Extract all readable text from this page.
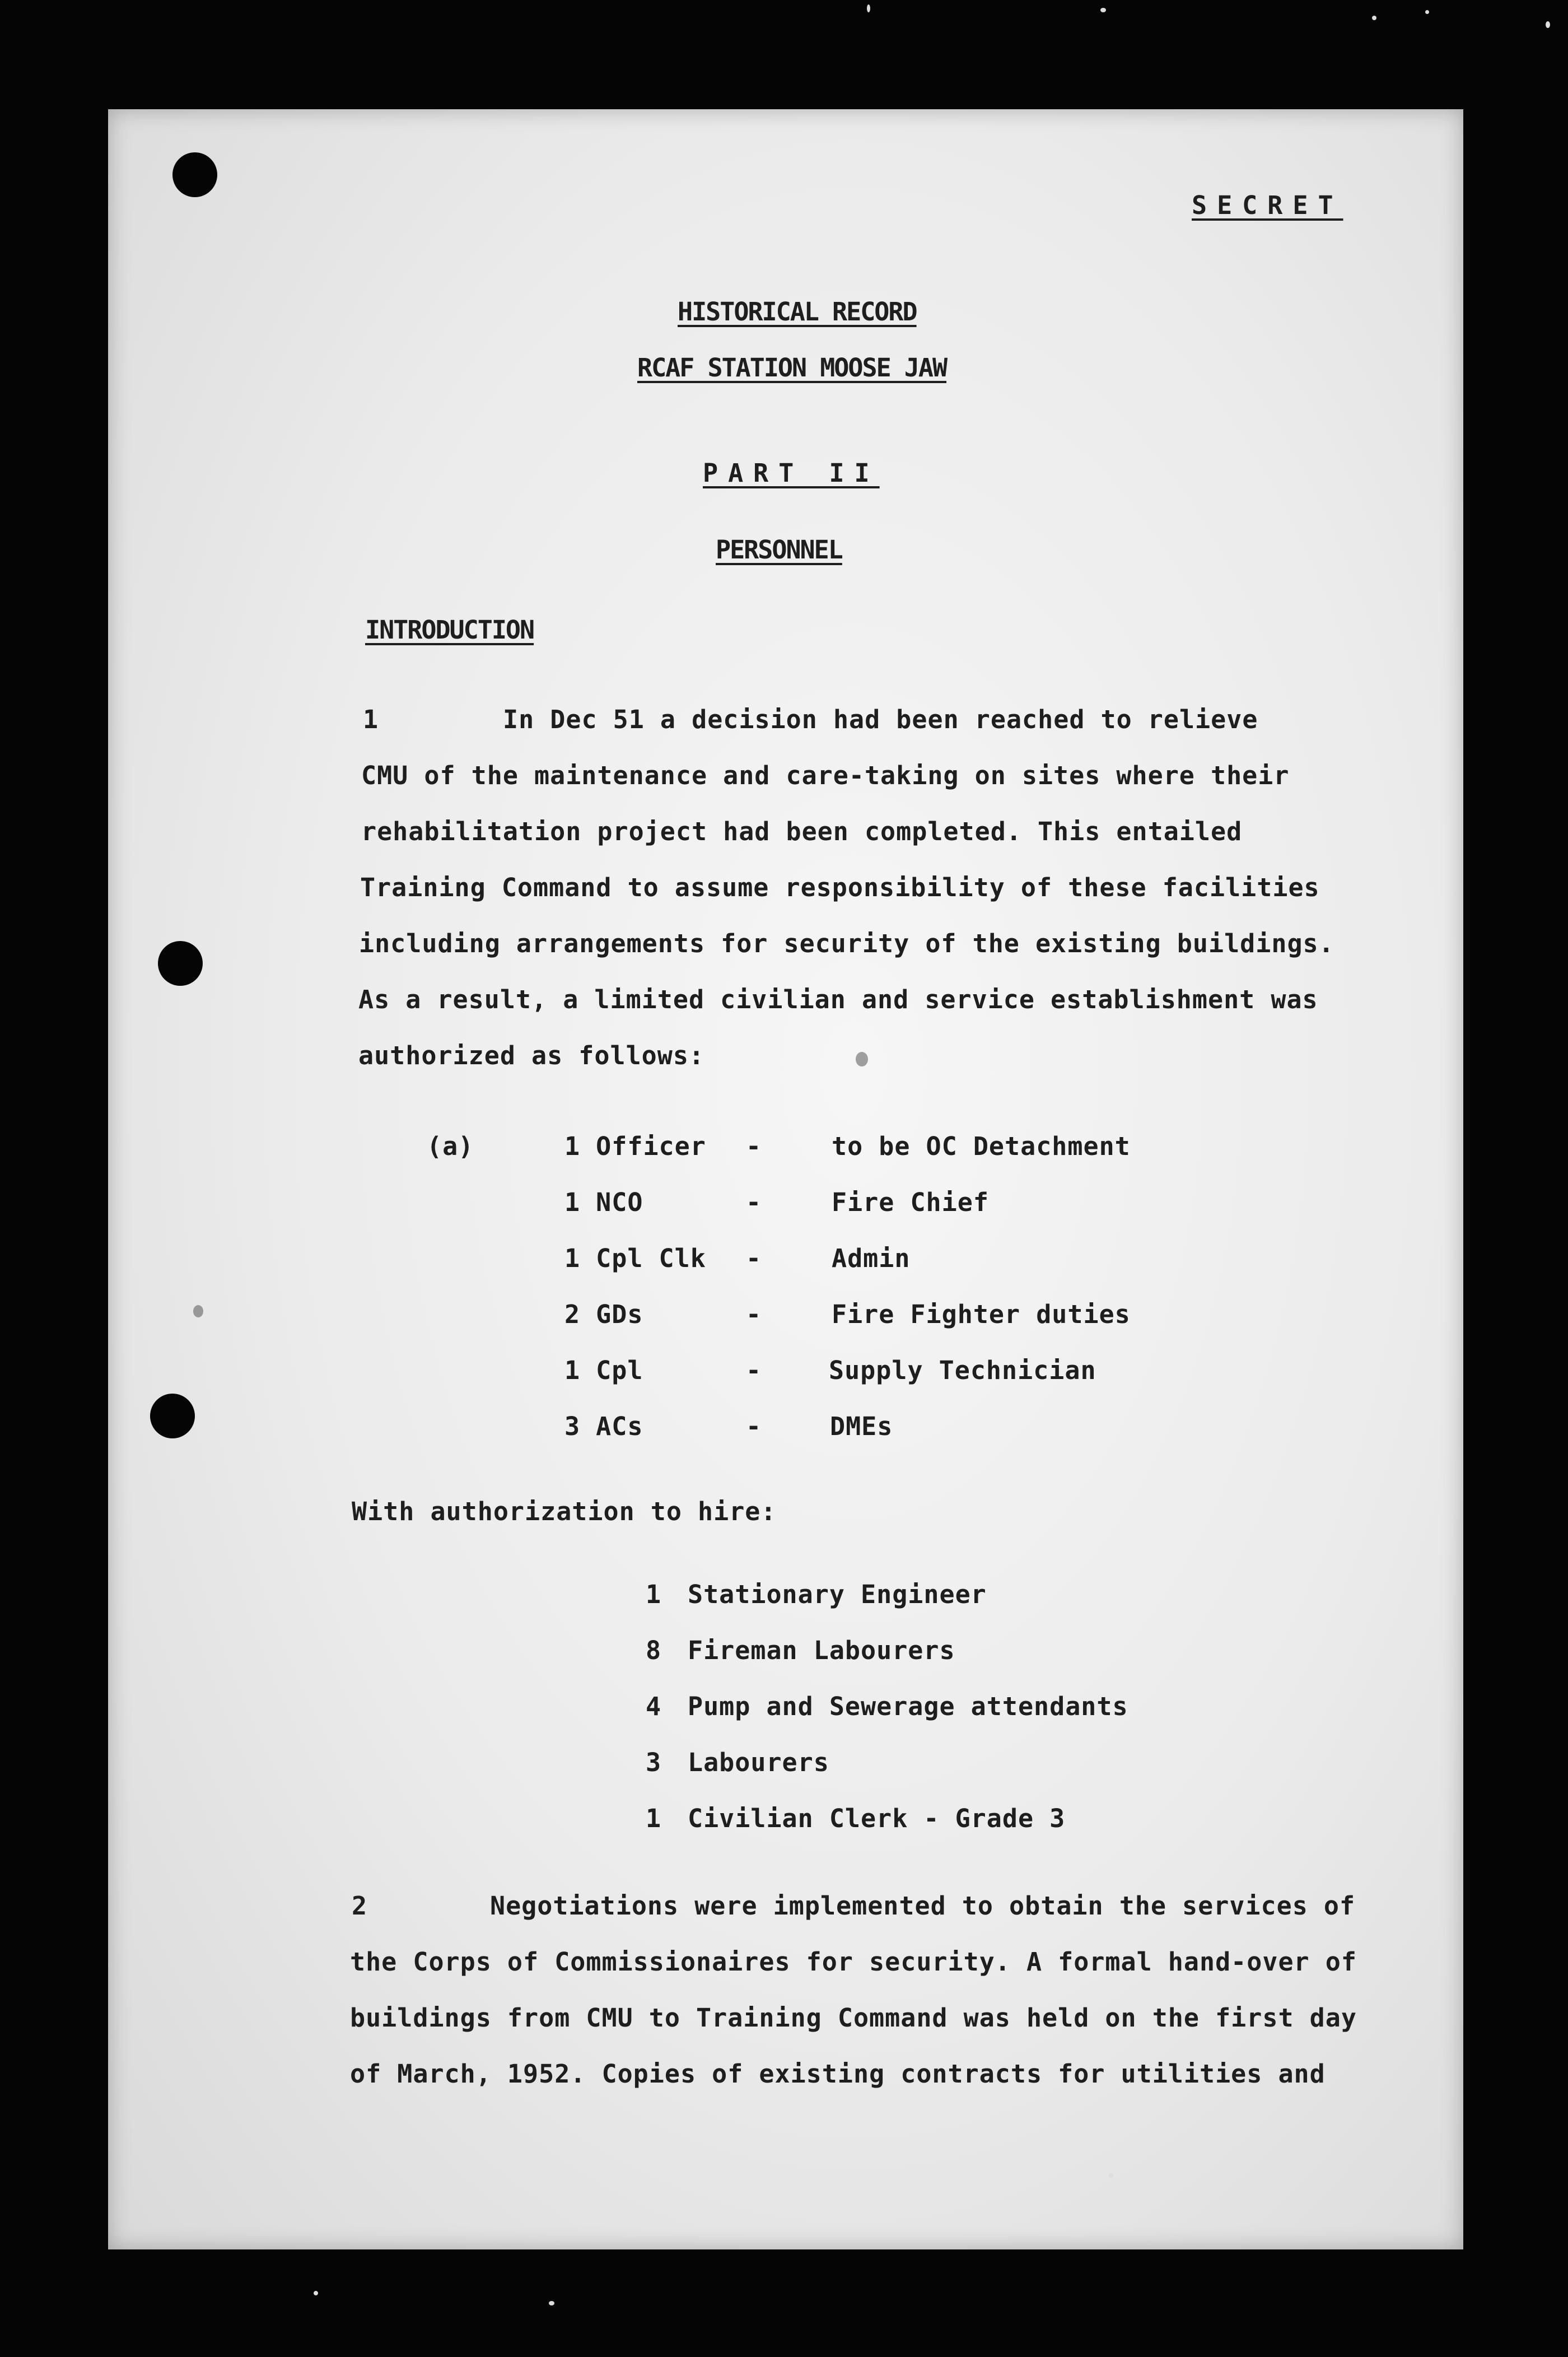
SECRET
HISTORICAL RECORD
RCAF STATION MOOSE JAW
PART II
PERSONNEL
INTRODUCTION
1	In Dec 51 a decision had been reached to relieve
CMU of the maintenance and care-taking on sites where their
rehabilitation project had been completed. This entailed
Training Command to assume responsibility of these facilities
including arrangements for security of the existing buildings.
As a result, a limited civilian and service establishment was
authorized as follows:
(a)	1 Officer -	to be OC Detachment
1 NCO	-	Fire Chief
1 Cpl Clk -	Admin
2 GDs	-	Fire Fighter duties
1 Cpl	-	Supply Technician
3 ACs	-	DMEs
With authorization to hire:
1 Stationary Engineer
8 Fireman Labourers
4 Pump and Sewerage attendants
3 Labourers
1 Civilian Clerk - Grade 3
2	Negotiations were implemented to obtain the services of
the Corps of Commissionaires for security. A formal hand-over of
buildings from CMU to Training Command was held on the first day
of March, 1952. Copies of existing contracts for utilities and
